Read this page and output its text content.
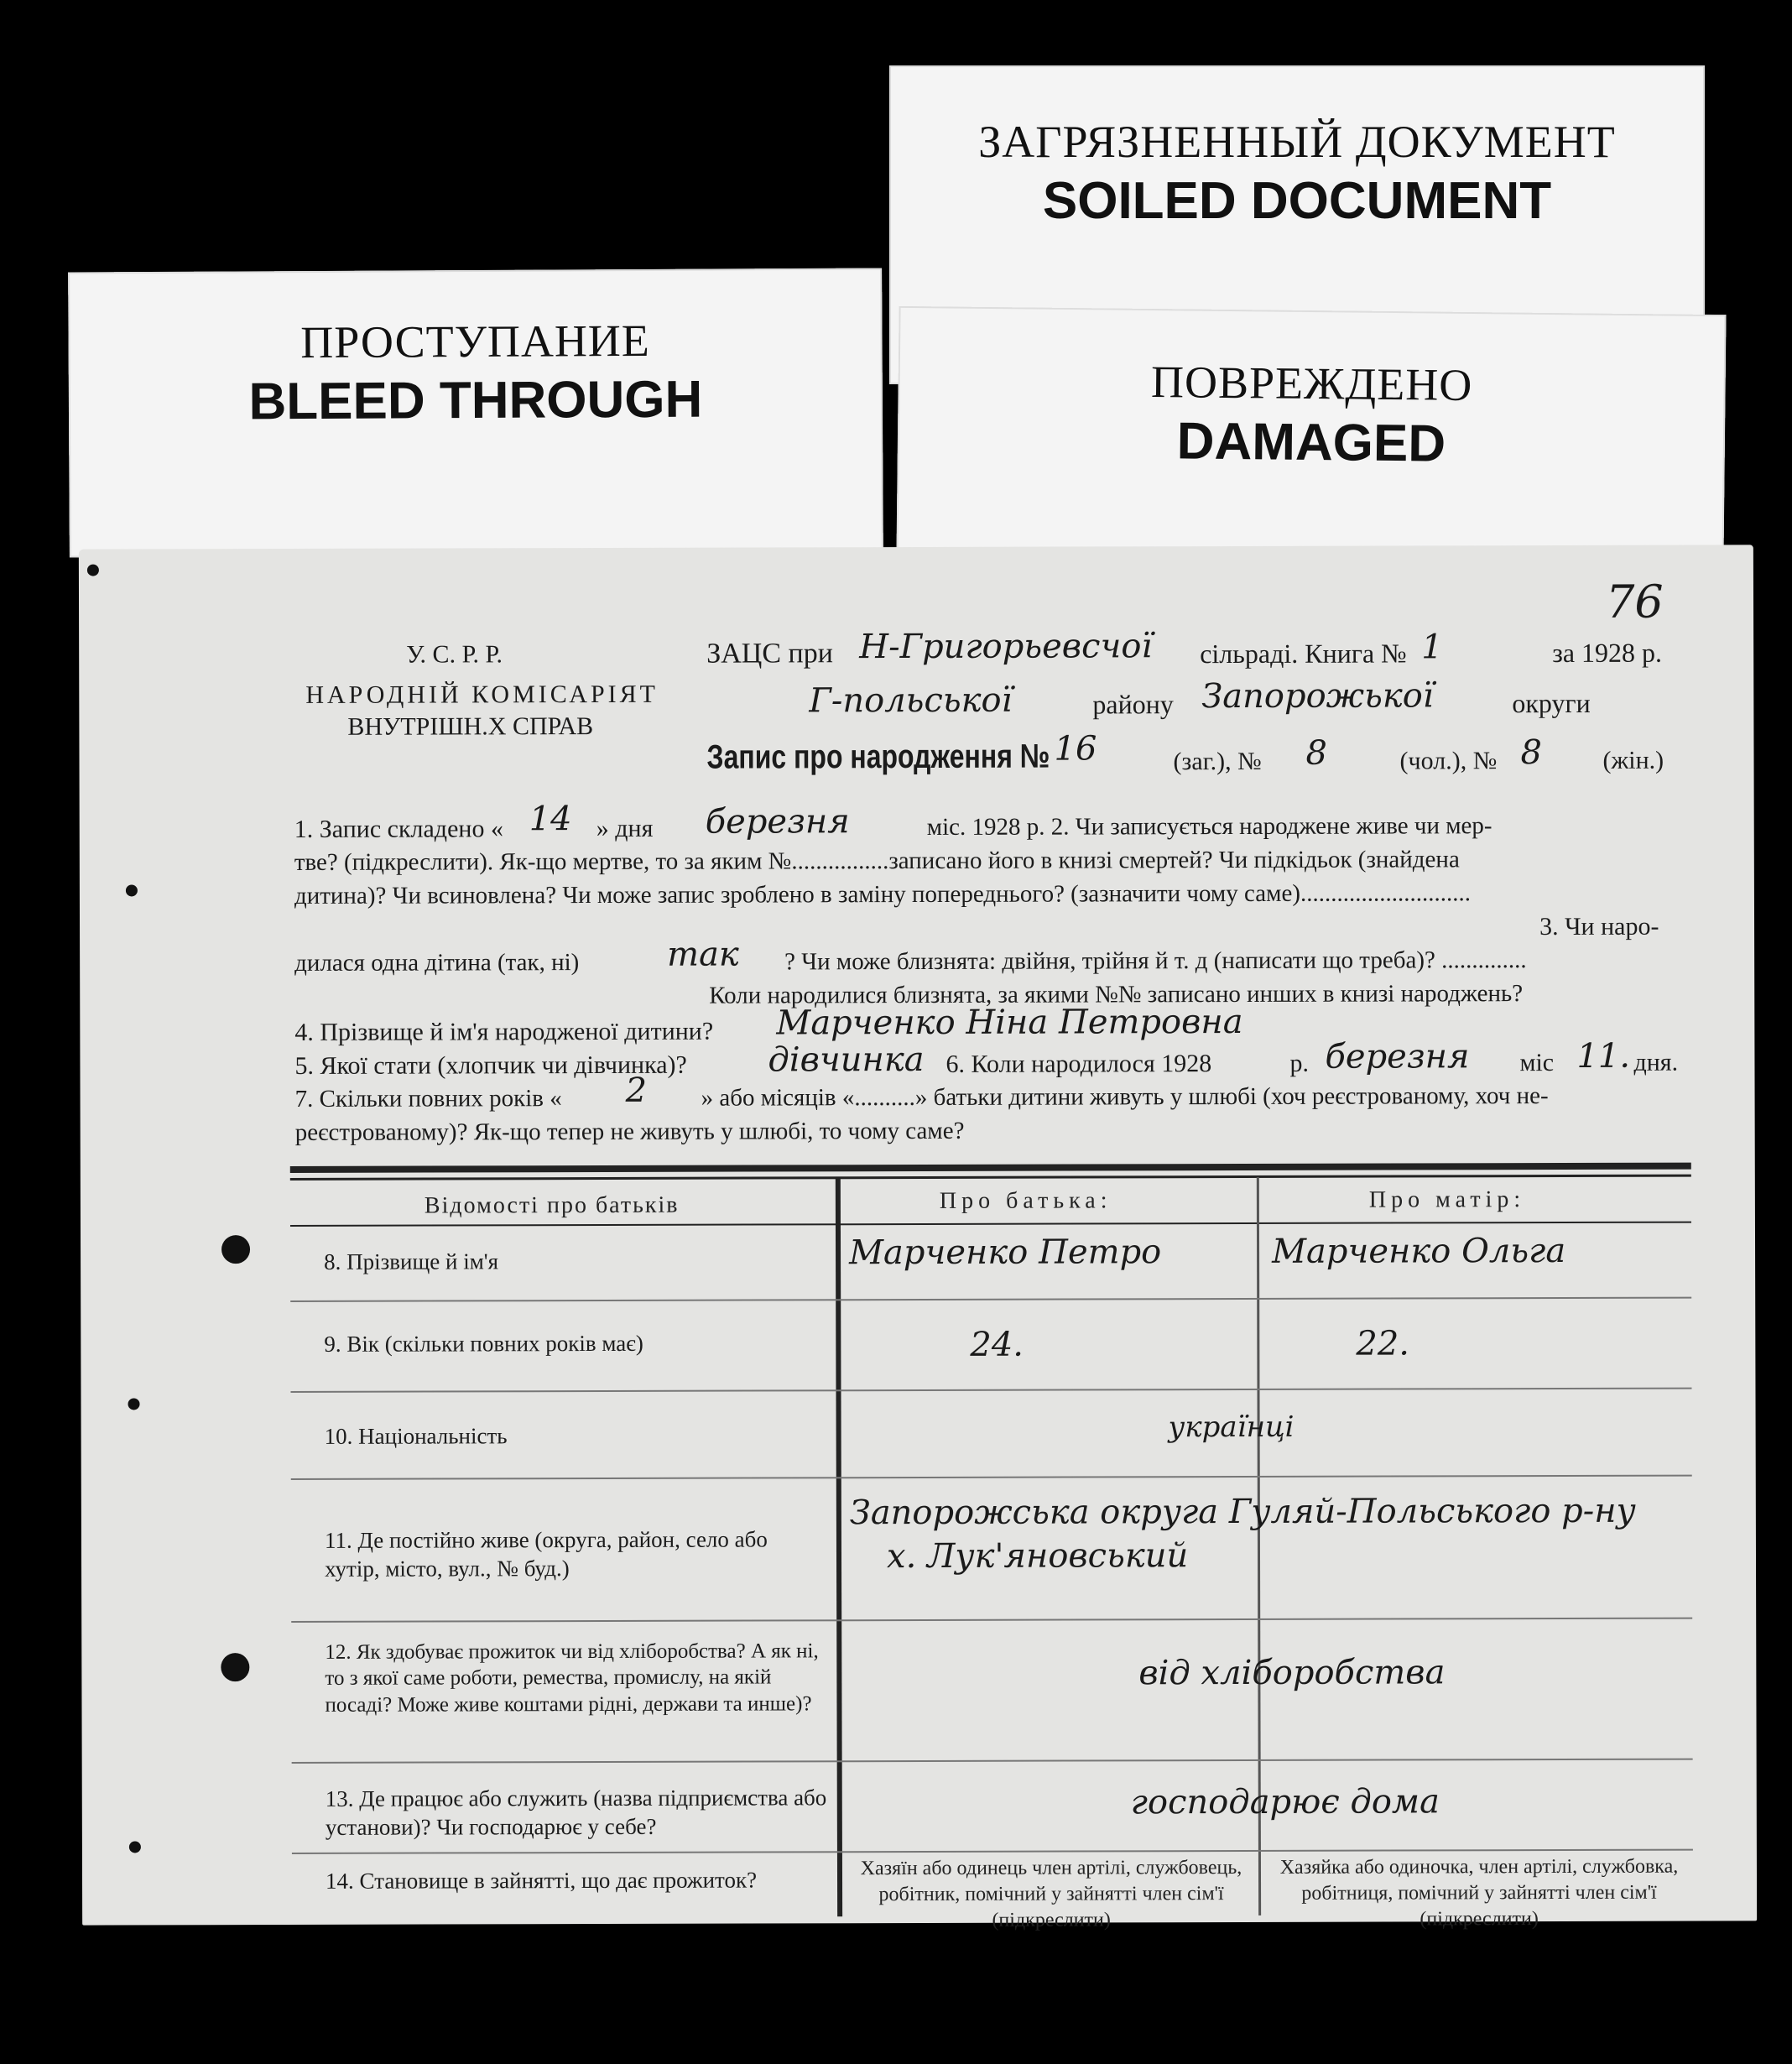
ЗАГРЯЗНЕННЫЙ ДОКУМЕНТ
SOILED DOCUMENT
ПРОСТУПАНИЕ
BLEED THROUGH	ПОВРЕЖДЕНО
DAMAGED
76
У. С. Р. Р.
НАРОДНІЙ КОМІСАРІЯТ
ВНУТРІШН.Х СПРАВ
ЗАЦС при Н-Григорьевсчої сільраді. Книга № 1	за 1928 р.
Г-польської	району Запорожької	округи
Запис про народження № 16	(заг.), № 8	(чол.), № 8 (жін.)
1. Запис складено « 14 » дня березня	міс. 1928 р. 2. Чи записується народжене живе чи мер-
тве? (підкреслити). Як-що мертве, то за яким №................записано його в книзі смертей? Чи підкідьок (знайдена
дитина)? Чи всиновлена? Чи може запис зроблено в заміну попереднього? (зазначити чому саме)............................
3. Чи наро-
дилася одна дітина (так, ні)	так ? Чи може близнята: двійня, трійня й т. д (написати що треба)? ..............
Коли народилися близнята, за якими №№ записано инших в книзі народжень?
4. Прізвище й ім'я народженої дитини? Марченко Ніна Петровна
5. Якої стати (хлопчик чи дівчинка)? дівчинка 6. Коли народилося 1928	р. березня міс 11. дня.
7. Скільки повних років « 2 » або місяців «..........» батьки дитини живуть у шлюбі (хоч реєстрованому, хоч не-
реєстрованому)? Як-що тепер не живуть у шлюбі, то чому саме?
Відомості про батьків	Про батька:	Про матір:
8. Прізвище й ім'я	Марченко Петро	Марченко Ольга
9. Вік (скільки повних років має)	24.	22.
10. Національність	українці
11. Де постійно живе (округа, район, село або хутір, місто, вул., № буд.)
Запорожська округа Гуляй-Польського р-ну
х. Лук'яновський
12. Як здобуває прожиток чи від хліборобства? А як ні, то з якої саме роботи, ремества, промислу, на якій посаді? Може живе коштами рідні, держави та инше)?
від хліборобства
13. Де працює або служить (назва підприємства або установи)? Чи господарює у себе?
господарює дома
14. Становище в зайнятті, що дає прожиток?	Хазяїн або одинець член артілі, службовець, робітник, помічний у зайнятті член сім'ї (підкреслити)
Хазяйка або одиночка, член артілі, службовка, робітниця, помічний у зайнятті член сім'ї (підкреслити)
